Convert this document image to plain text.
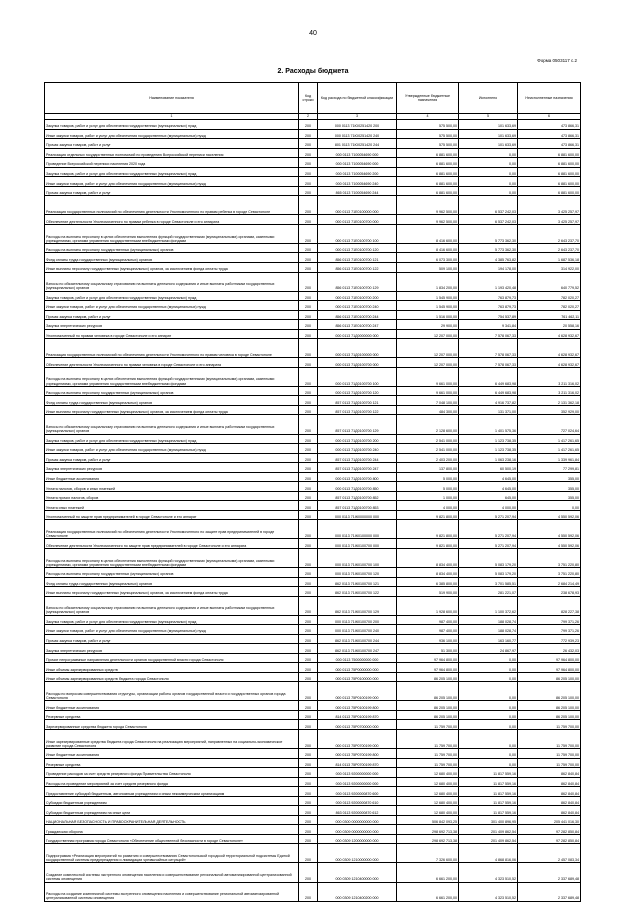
40
Форма 0503117 с.2
2. Расходы бюджета
Наименование показателя	Код строки	Код расхода по бюджетной классификации	Утвержденные бюджетные назначения	Исполнено	Неисполненные назначения
1	2	3	4	5	6
Закупка товаров, работ и услуг для обеспечения государственных (муниципальных) нужд	200	000 0113 71Ю0251420 200	575 500,00	101 633,69	473 866,31
Иные закупки товаров, работ и услуг для обеспечения государственных (муниципальных) нужд	200	000 0113 71Ю0251420 240	575 500,00	101 633,69	473 866,31
Прочая закупка товаров, работ и услуг	200	801 0113 71Ю0251420 244	575 500,00	101 633,69	473 866,31
Реализация отдельных государственных полномочий по проведению Всероссийской переписи населения	200	000 0113 7100054690 000	6 881 600,00	0,00	6 881 600,00
Проведение Всероссийской переписи населения 2020 года	200	000 0113 7100054690 000	6 881 600,00	0,00	6 881 600,00
Закупка товаров, работ и услуг для обеспечения государственных (муниципальных) нужд	200	000 0113 7100054690 200	6 881 600,00	0,00	6 881 600,00
Иные закупки товаров, работ и услуг для обеспечения государственных (муниципальных) нужд	200	000 0113 7100054690 240	6 881 600,00	0,00	6 881 600,00
Прочая закупка товаров, работ и услуг	200	865 0113 7100054690 244	6 881 600,00	0,00	6 881 600,00
Реализация государственных полномочий по обеспечению деятельности Уполномоченного по правам ребенка в городе Севастополе	200	000 0113 71Е0100000 000	9 962 500,00	6 537 242,03	3 425 257,97
Обеспечение деятельности Уполномоченного по правам ребенка в городе Севастополе и его аппарата	200	000 0113 71Е0100700 000	9 962 500,00	6 537 242,03	3 425 257,97
Расходы на выплаты персоналу в целях обеспечения выполнения функций государственными (муниципальными) органами, казенными учреждениями, органами управления государственными внебюджетными фондами	200	000 0113 71Е0100700 100	8 416 600,00	5 773 362,30	2 643 237,70
Расходы на выплаты персоналу государственных (муниципальных) органов	200	000 0113 71Е0100700 120	8 416 600,00	5 773 362,30	2 643 237,70
Фонд оплаты труда государственных (муниципальных) органов	200	856 0113 71Е0100700 121	6 073 300,00	4 385 763,82	1 687 536,18
Иные выплаты персоналу государственных (муниципальных) органов, за исключением фонда оплаты труда	200	856 0113 71Е0100700 122	509 100,00	194 178,00	314 922,00
Взносы по обязательному социальному страхованию на выплаты денежного содержания и иные выплаты работникам государственных (муниципальных) органов	200	856 0113 71Е0100700 129	1 834 200,00	1 193 420,48	640 779,52
Закупка товаров, работ и услуг для обеспечения государственных (муниципальных) нужд	200	000 0113 71Е0100700 200	1 545 900,00	763 879,73	782 020,27
Иные закупки товаров, работ и услуг для обеспечения государственных (муниципальных) нужд	200	000 0113 71Е0100700 240	1 545 900,00	763 879,73	782 020,27
Прочая закупка товаров, работ и услуг	200	856 0113 71Е0100700 244	1 516 000,00	754 537,89	761 462,11
Закупка энергетических ресурсов	200	856 0113 71Е0100700 247	29 900,00	9 341,84	20 558,16
Уполномоченный по правам человека в городе Севастополе и его аппарат	200	000 0113 71Д0000000 000	12 207 000,00	7 578 067,33	4 628 932,67
Реализация государственных полномочий по обеспечению деятельности Уполномоченного по правам человека в городе Севастополе	200	000 0113 71Д0100000 000	12 207 000,00	7 578 067,33	4 628 932,67
Обеспечение деятельности Уполномоченного по правам человека в городе Севастополе и его аппарата	200	000 0113 71Д0100700 000	12 207 000,00	7 578 067,33	4 628 932,67
Расходы на выплаты персоналу в целях обеспечения выполнения функций государственными (муниципальными) органами, казенными учреждениями, органами управления государственными внебюджетными фондами	200	000 0113 71Д0100700 100	9 661 000,00	6 449 683,98	3 211 316,02
Расходы на выплаты персоналу государственных (муниципальных) органов	200	000 0113 71Д0100700 120	9 661 000,00	6 449 683,98	3 211 316,02
Фонд оплаты труда государственных (муниципальных) органов	200	857 0113 71Д0100700 121	7 048 100,00	4 916 737,82	2 131 362,18
Иные выплаты персоналу государственных (муниципальных) органов, за исключением фонда оплаты труда	200	857 0113 71Д0100700 122	484 300,00	131 371,00	352 929,00
Взносы по обязательному социальному страхованию на выплаты денежного содержания и иные выплаты работникам государственных (муниципальных) органов	200	857 0113 71Д0100700 129	2 128 600,00	1 401 575,36	727 024,64
Закупка товаров, работ и услуг для обеспечения государственных (муниципальных) нужд	200	000 0113 71Д0100700 200	2 541 000,00	1 123 738,35	1 417 261,65
Иные закупки товаров, работ и услуг для обеспечения государственных (муниципальных) нужд	200	000 0113 71Д0100700 240	2 541 000,00	1 123 738,35	1 417 261,65
Прочая закупка товаров, работ и услуг	200	857 0113 71Д0100700 244	2 403 200,00	1 063 238,16	1 339 961,84
Закупка энергетических ресурсов	200	857 0113 71Д0100700 247	137 800,00	60 500,19	77 299,81
Иные бюджетные ассигнования	200	000 0113 71Д0100700 800	5 000,00	4 645,00	355,00
Уплата налогов, сборов и иных платежей	200	000 0113 71Д0100700 850	5 000,00	4 645,00	355,00
Уплата прочих налогов, сборов	200	857 0113 71Д0100700 852	1 000,00	645,00	355,00
Уплата иных платежей	200	857 0113 71Д0100700 853	4 000,00	4 000,00	0,00
Уполномоченный по защите прав предпринимателей в городе Севастополе и его аппарат	200	000 0113 71Ж0000000 000	9 821 800,00	5 271 207,94	4 550 592,06
Реализация государственных полномочий по обеспечению деятельности Уполномоченного по защите прав предпринимателей в городе Севастополе	200	000 0113 71Ж0100000 000	9 821 800,00	5 271 207,94	4 550 592,06
Обеспечение деятельности Уполномоченного по защите прав предпринимателей в городе Севастополе и его аппарата	200	000 0113 71Ж0100700 000	9 821 800,00	5 271 207,94	4 550 592,06
Расходы на выплаты персоналу в целях обеспечения выполнения функций государственными (муниципальными) органами, казенными учреждениями, органами управления государственными внебюджетными фондами	200	000 0113 71Ж0100700 100	8 834 400,00	5 083 179,20	3 751 220,80
Расходы на выплаты персоналу государственных (муниципальных) органов	200	000 0113 71Ж0100700 120	8 834 400,00	5 083 179,20	3 751 220,80
Фонд оплаты труда государственных (муниципальных) органов	200	862 0113 71Ж0100700 121	6 385 800,00	3 701 585,51	2 684 214,49
Иные выплаты персоналу государственных (муниципальных) органов, за исключением фонда оплаты труда	200	862 0113 71Ж0100700 122	519 900,00	281 221,07	238 678,93
Взносы по обязательному социальному страхованию на выплаты денежного содержания и иные выплаты работникам государственных (муниципальных) органов	200	862 0113 71Ж0100700 129	1 928 600,00	1 100 372,62	828 227,38
Закупка товаров, работ и услуг для обеспечения государственных (муниципальных) нужд	200	000 0113 71Ж0100700 200	987 400,00	188 028,74	799 371,26
Иные закупки товаров, работ и услуг для обеспечения государственных (муниципальных) нужд	200	000 0113 71Ж0100700 240	987 400,00	188 028,74	799 371,26
Прочая закупка товаров, работ и услуг	200	862 0113 71Ж0100700 244	936 100,00	163 160,77	772 939,23
Закупка энергетических ресурсов	200	862 0113 71Ж0100700 247	51 300,00	24 867,97	26 432,03
Прочие непрограммные направления деятельности органов государственной власти города Севастополя	200	000 0113 7500000000 000	97 964 800,00	0,00	97 964 800,00
Иные объемы зарезервированных средств	200	000 0113 75Р0000000 000	97 964 800,00	0,00	97 964 800,00
Иные объемы зарезервированных средств бюджета города Севастополя	200	000 0113 75Р0100000 000	86 205 100,00	0,00	86 205 100,00
Расходы по вопросам совершенствования структуры, организации работы органов государственной власти и государственных органов города Севастополя	200	000 0113 75Р0100199 000	86 205 100,00	0,00	86 205 100,00
Иные бюджетные ассигнования	200	000 0113 75Р0100199 800	86 205 100,00	0,00	86 205 100,00
Резервные средства	200	814 0113 75Р0100199 870	86 205 100,00	0,00	86 205 100,00
Зарезервированные средства бюджета города Севастополя	200	000 0113 75Р0700000 000	11 759 700,00	0,00	11 759 700,00
Иные зарезервированные средства бюджета города Севастополя на реализацию мероприятий, направленных на социально-экономическое развитие города Севастополя	200	000 0113 75Р0700199 000	11 759 700,00	0,00	11 759 700,00
Иные бюджетные ассигнования	200	000 0113 75Р0700199 800	11 759 700,00	0,00	11 759 700,00
Резервные средства	200	814 0113 75Р0700199 870	11 759 700,00	0,00	11 759 700,00
Проведение расходов за счет средств резервного фонда Правительства Севастополя	200	000 0113 9200000000 000	12 680 400,00	11 817 559,16	862 840,84
Расходы на проведение мероприятий за счет средств резервного фонда	200	000 0113 9200000000 000	12 680 400,00	11 817 559,16	862 840,84
Предоставление субсидий бюджетным, автономным учреждениям и иным некоммерческим организациям	200	000 0113 9200000870 600	12 680 400,00	11 817 559,16	862 840,84
Субсидии бюджетным учреждениям	200	000 0113 9200000870 610	12 680 400,00	11 817 559,16	862 840,84
Субсидии бюджетным учреждениям на иные цели	200	863 0113 9200000870 612	12 680 400,00	11 817 559,16	862 840,84
НАЦИОНАЛЬНАЯ БЕЗОПАСНОСТЬ И ПРАВООХРАНИТЕЛЬНАЯ ДЕЯТЕЛЬНОСТЬ	200	000 0300 0000000000 000	506 842 093,25	301 400 896,95	205 441 016,30
Гражданская оборона	200	000 0309 0000000000 000	298 692 713,38	201 409 862,54	97 282 850,84
Государственная программа города Севастополя «Обеспечение общественной безопасности в городе Севастополе»	200	000 0309 1200000000 000	298 692 713,38	201 409 862,54	97 282 850,84
Подпрограмма «Реализация мероприятий по развитию и совершенствованию Севастопольской городской территориальной подсистемы Единой государственной системы предупреждения и ликвидации чрезвычайных ситуаций»	200	000 0309 1210000000 000	7 326 600,00	4 868 816,06	2 457 083,34
Создание комплексной системы экстренного оповещения населения и совершенствование региональной автоматизированной централизованной системы оповещения	200	000 0309 1210400000 000	6 661 200,00	4 323 510,52	2 337 689,48
Расходы на создание комплексной системы экстренного оповещения населения и совершенствование региональной автоматизированной централизованной системы оповещения	200	000 0309 1210400200 000	6 661 200,00	4 323 510,52	2 337 689,48
